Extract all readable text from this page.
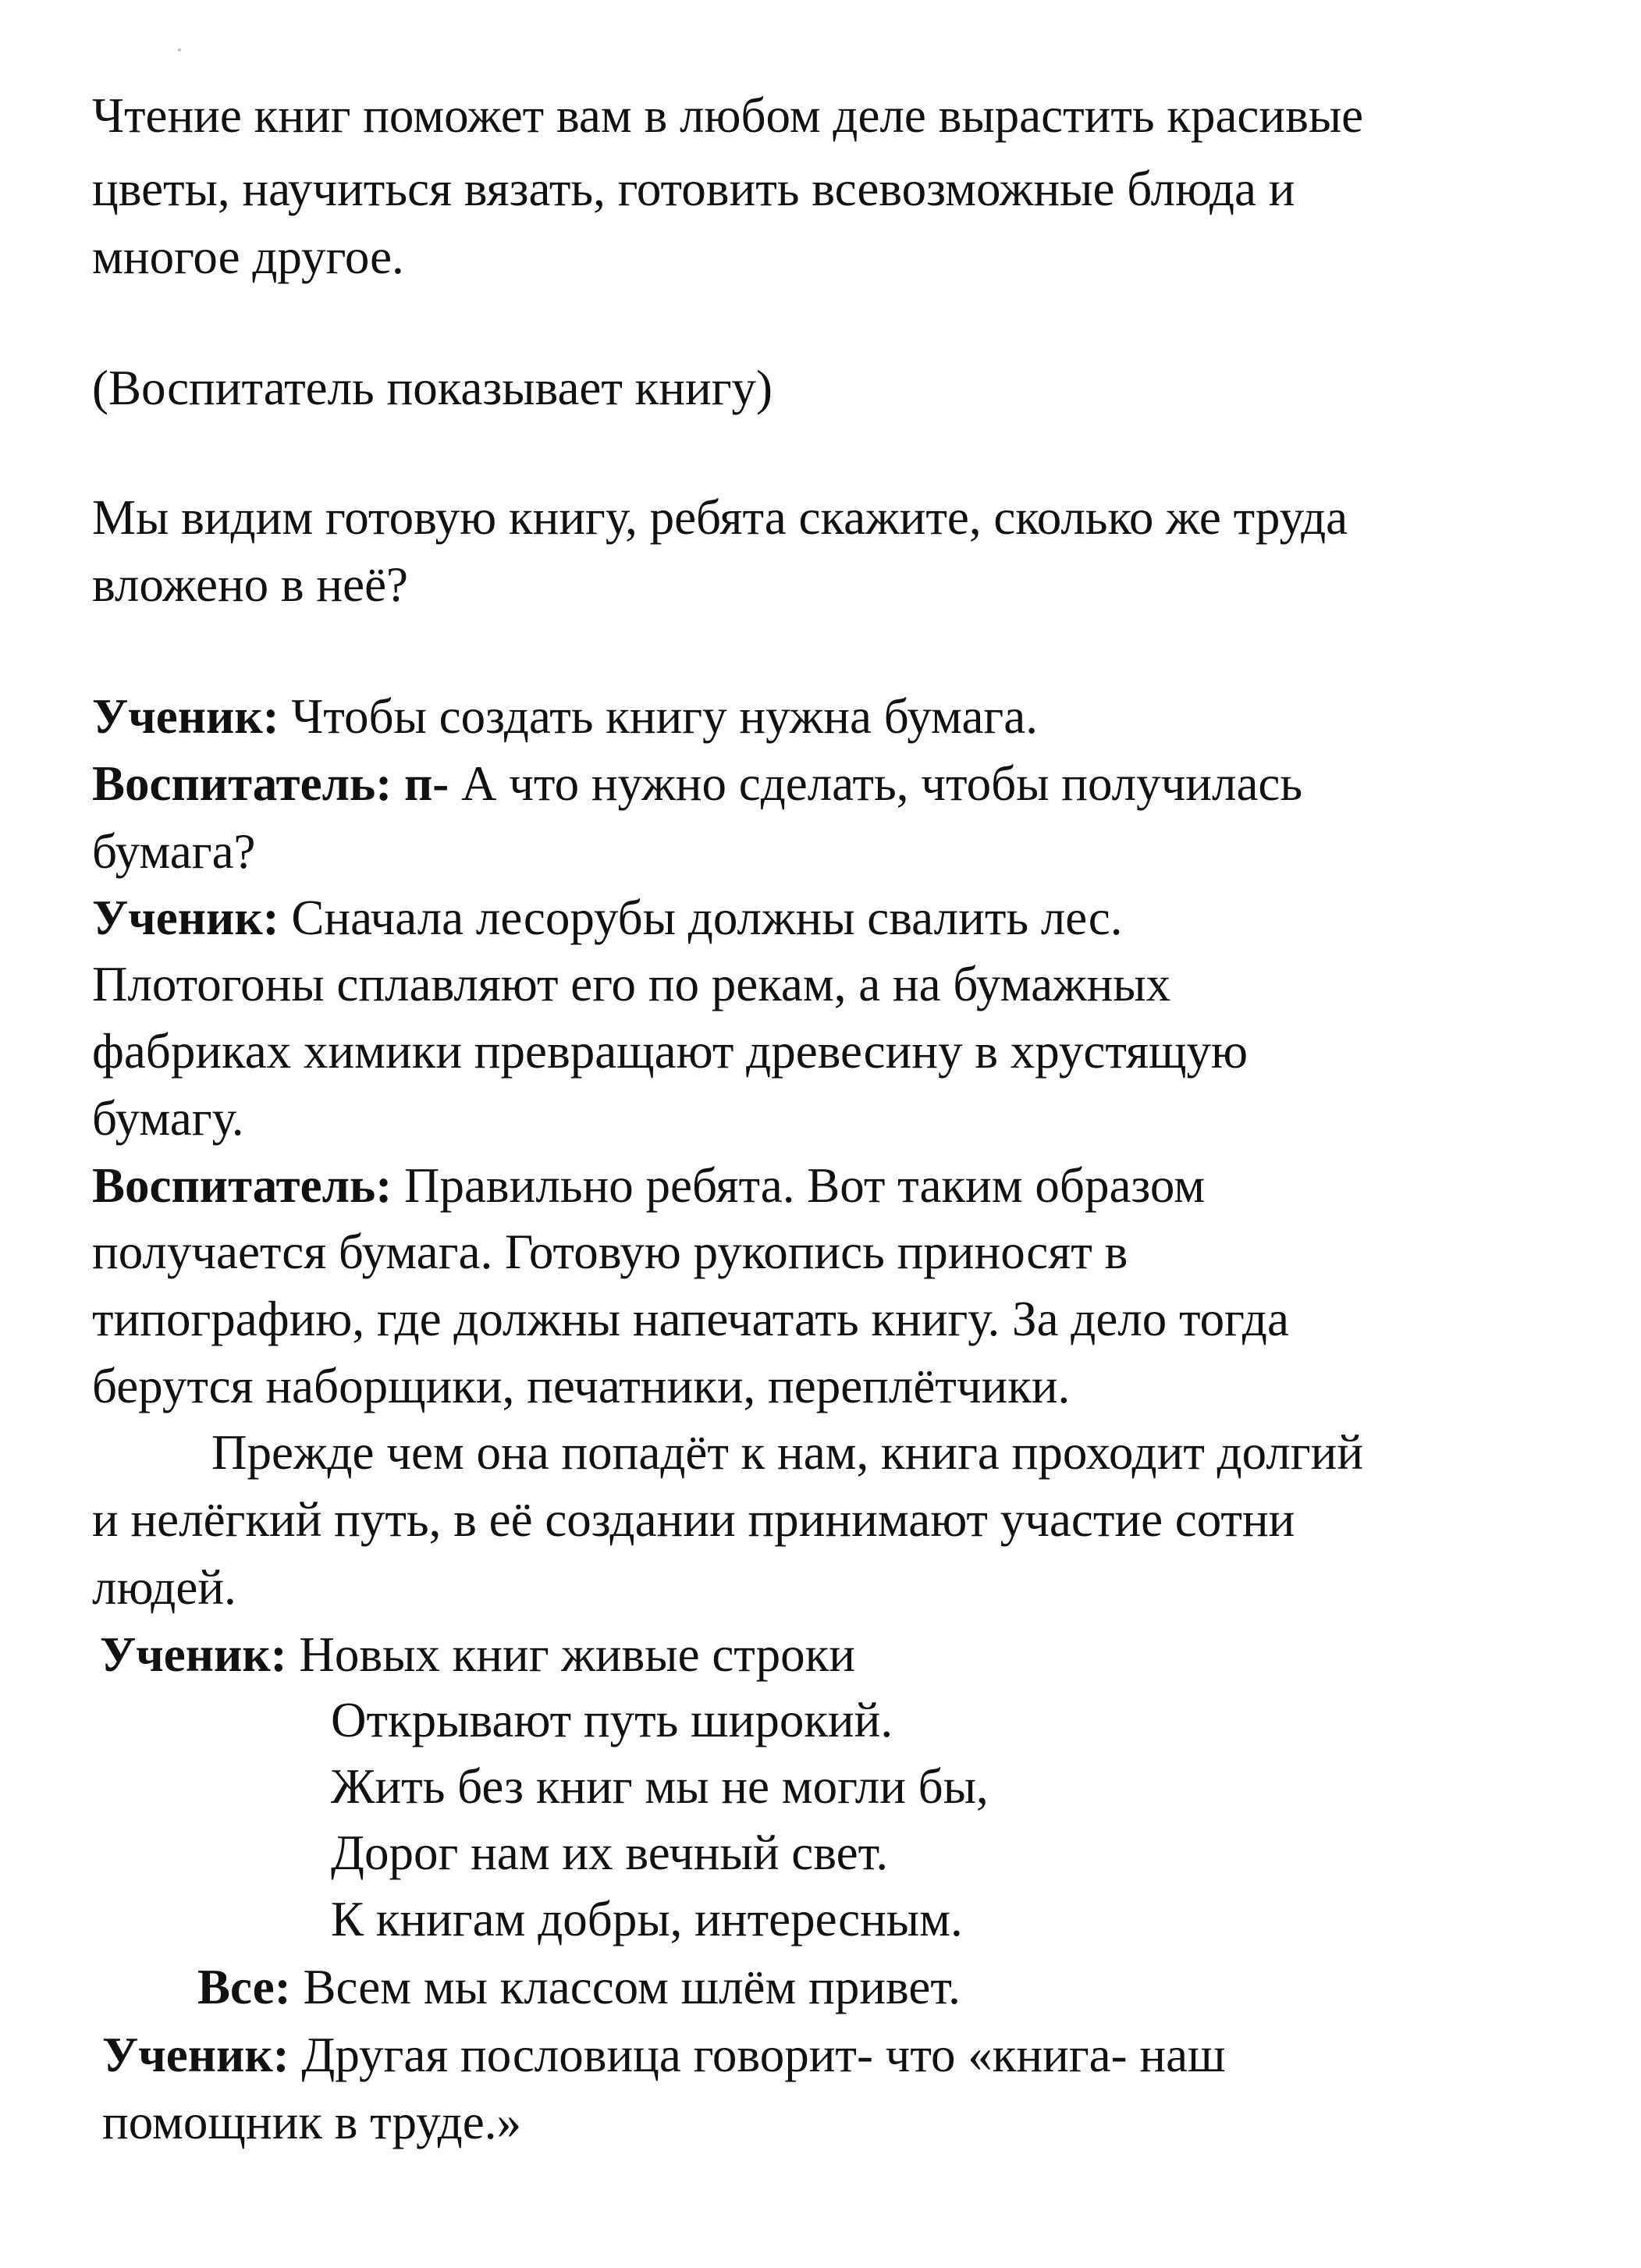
Чтение книг поможет вам в любом деле вырастить красивые
цветы, научиться вязать, готовить всевозможные блюда и
многое другое.
(Воспитатель показывает книгу)
Мы видим готовую книгу, ребята скажите, сколько же труда
вложено в неё?
Ученик: Чтобы создать книгу нужна бумага.
Воспитатель: п- А что нужно сделать, чтобы получилась
бумага?
Ученик: Сначала лесорубы должны свалить лес.
Плотогоны сплавляют его по рекам, а на бумажных
фабриках химики превращают древесину в хрустящую
бумагу.
Воспитатель: Правильно ребята. Вот таким образом
получается бумага. Готовую рукопись приносят в
типографию, где должны напечатать книгу. За дело тогда
берутся наборщики, печатники, переплётчики.
Прежде чем она попадёт к нам, книга проходит долгий
и нелёгкий путь, в её создании принимают участие сотни
людей.
Ученик: Новых книг живые строки
Открывают путь широкий.
Жить без книг мы не могли бы,
Дорог нам их вечный свет.
К книгам добры, интересным.
Все: Всем мы классом шлём привет.
Ученик: Другая пословица говорит- что «книга- наш
помощник в труде.»
